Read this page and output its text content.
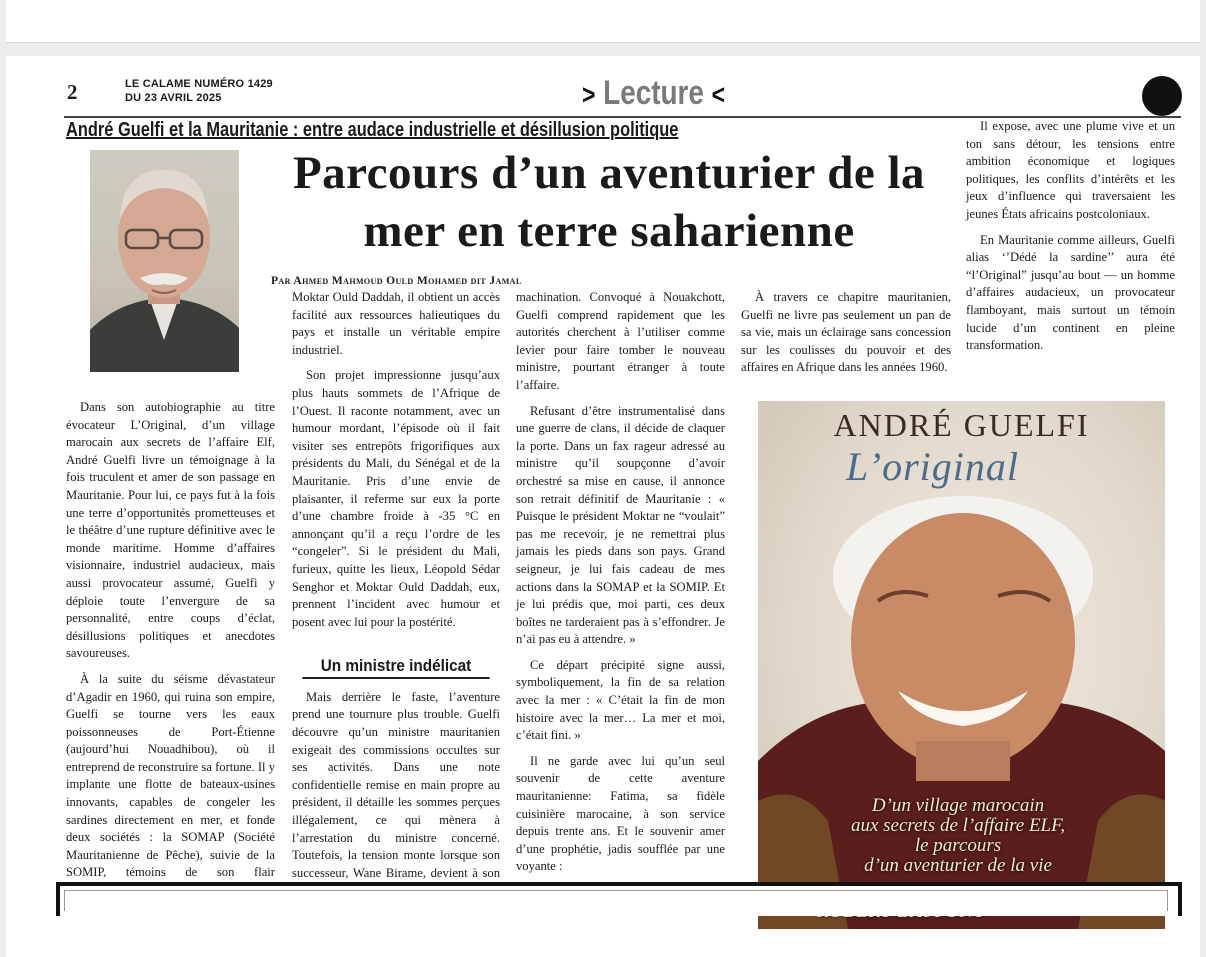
2	LE CALAME NUMÉRO 1429
DU 23 AVRIL 2025	> Lecture <
André Guelfi et la Mauritanie : entre audace industrielle et désillusion politique
Parcours d’un aventurier de la mer en terre saharienne
Par Ahmed Mahmoud Ould Mohamed dit Jamal

Dans son autobiographie au titre évocateur L’Original, d’un village marocain aux secrets de l’affaire Elf, André Guelfi livre un témoignage à la fois truculent et amer de son passage en Mauritanie. Pour lui, ce pays fut à la fois une terre d’opportunités prometteuses et le théâtre d’une rupture définitive avec le monde maritime. Homme d’affaires visionnaire, industriel audacieux, mais aussi provocateur assumé, Guelfi y déploie toute l’envergure de sa personnalité, entre coups d’éclat, désillusions politiques et anecdotes savoureuses.

À la suite du séisme dévastateur d’Agadir en 1960, qui ruina son empire, Guelfi se tourne vers les eaux poissonneuses de Port-Étienne (aujourd’hui Nouadhibou), où il entreprend de reconstruire sa fortune. Il y implante une flotte de bateaux-usines innovants, capables de congeler les sardines directement en mer, et fonde deux sociétés : la SOMAP (Société Mauritanienne de Pêche), suivie de la SOMIP, témoins de son flair

Moktar Ould Daddah, il obtient un accès facilité aux ressources halieutiques du pays et installe un véritable empire industriel.

Son projet impressionne jusqu’aux plus hauts sommets de l’Afrique de l’Ouest. Il raconte notamment, avec un humour mordant, l’épisode où il fait visiter ses entrepôts frigorifiques aux présidents du Mali, du Sénégal et de la Mauritanie. Pris d’une envie de plaisanter, il referme sur eux la porte d’une chambre froide à -35 °C en annonçant qu’il a reçu l’ordre de les “congeler”. Si le président du Mali, furieux, quitte les lieux, Léopold Sédar Senghor et Moktar Ould Daddah, eux, prennent l’incident avec humour et posent avec lui pour la postérité.

Un ministre indélicat

Mais derrière le faste, l’aventure prend une tournure plus trouble. Guelfi découvre qu’un ministre mauritanien exigeait des commissions occultes sur ses activités. Dans une note confidentielle remise en main propre au président, il détaille les sommes perçues illégalement, ce qui mènera à l’arrestation du ministre concerné. Toutefois, la tension monte lorsque son successeur, Wane Birame, devient à son

machination. Convoqué à Nouakchott, Guelfi comprend rapidement que les autorités cherchent à l’utiliser comme levier pour faire tomber le nouveau ministre, pourtant étranger à toute l’affaire.

Refusant d’être instrumentalisé dans une guerre de clans, il décide de claquer la porte. Dans un fax rageur adressé au ministre qu’il soupçonne d’avoir orchestré sa mise en cause, il annonce son retrait définitif de Mauritanie : « Puisque le président Moktar ne “voulait” pas me recevoir, je ne remettrai plus jamais les pieds dans son pays. Grand seigneur, je lui fais cadeau de mes actions dans la SOMAP et la SOMIP. Et je lui prédis que, moi parti, ces deux boîtes ne tarderaient pas à s’effondrer. Je n’ai pas eu à attendre. »

Ce départ précipité signe aussi, symboliquement, la fin de sa relation avec la mer : « C’était la fin de mon histoire avec la mer… La mer et moi, c’était fini. »

Il ne garde avec lui qu’un seul souvenir de cette aventure mauritanienne: Fatima, sa fidèle cuisinière marocaine, à son service depuis trente ans. Et le souvenir amer d’une prophétie, jadis soufflée par une voyante :

À travers ce chapitre mauritanien, Guelfi ne livre pas seulement un pan de sa vie, mais un éclairage sans concession sur les coulisses du pouvoir et des affaires en Afrique dans les années 1960.

Il expose, avec une plume vive et un ton sans détour, les tensions entre ambition économique et logiques politiques, les conflits d’intérêts et les jeux d’influence qui traversaient les jeunes États africains postcoloniaux.

En Mauritanie comme ailleurs, Guelfi alias ‘’Dédé la sardine’’ aura été “l’Original” jusqu’au bout — un homme d’affaires audacieux, un provocateur flamboyant, mais surtout un témoin lucide d’un continent en pleine transformation.

ANDRÉ GUELFI
L’original
D’un village marocain
aux secrets de l’affaire ELF,
le parcours
d’un aventurier de la vie
